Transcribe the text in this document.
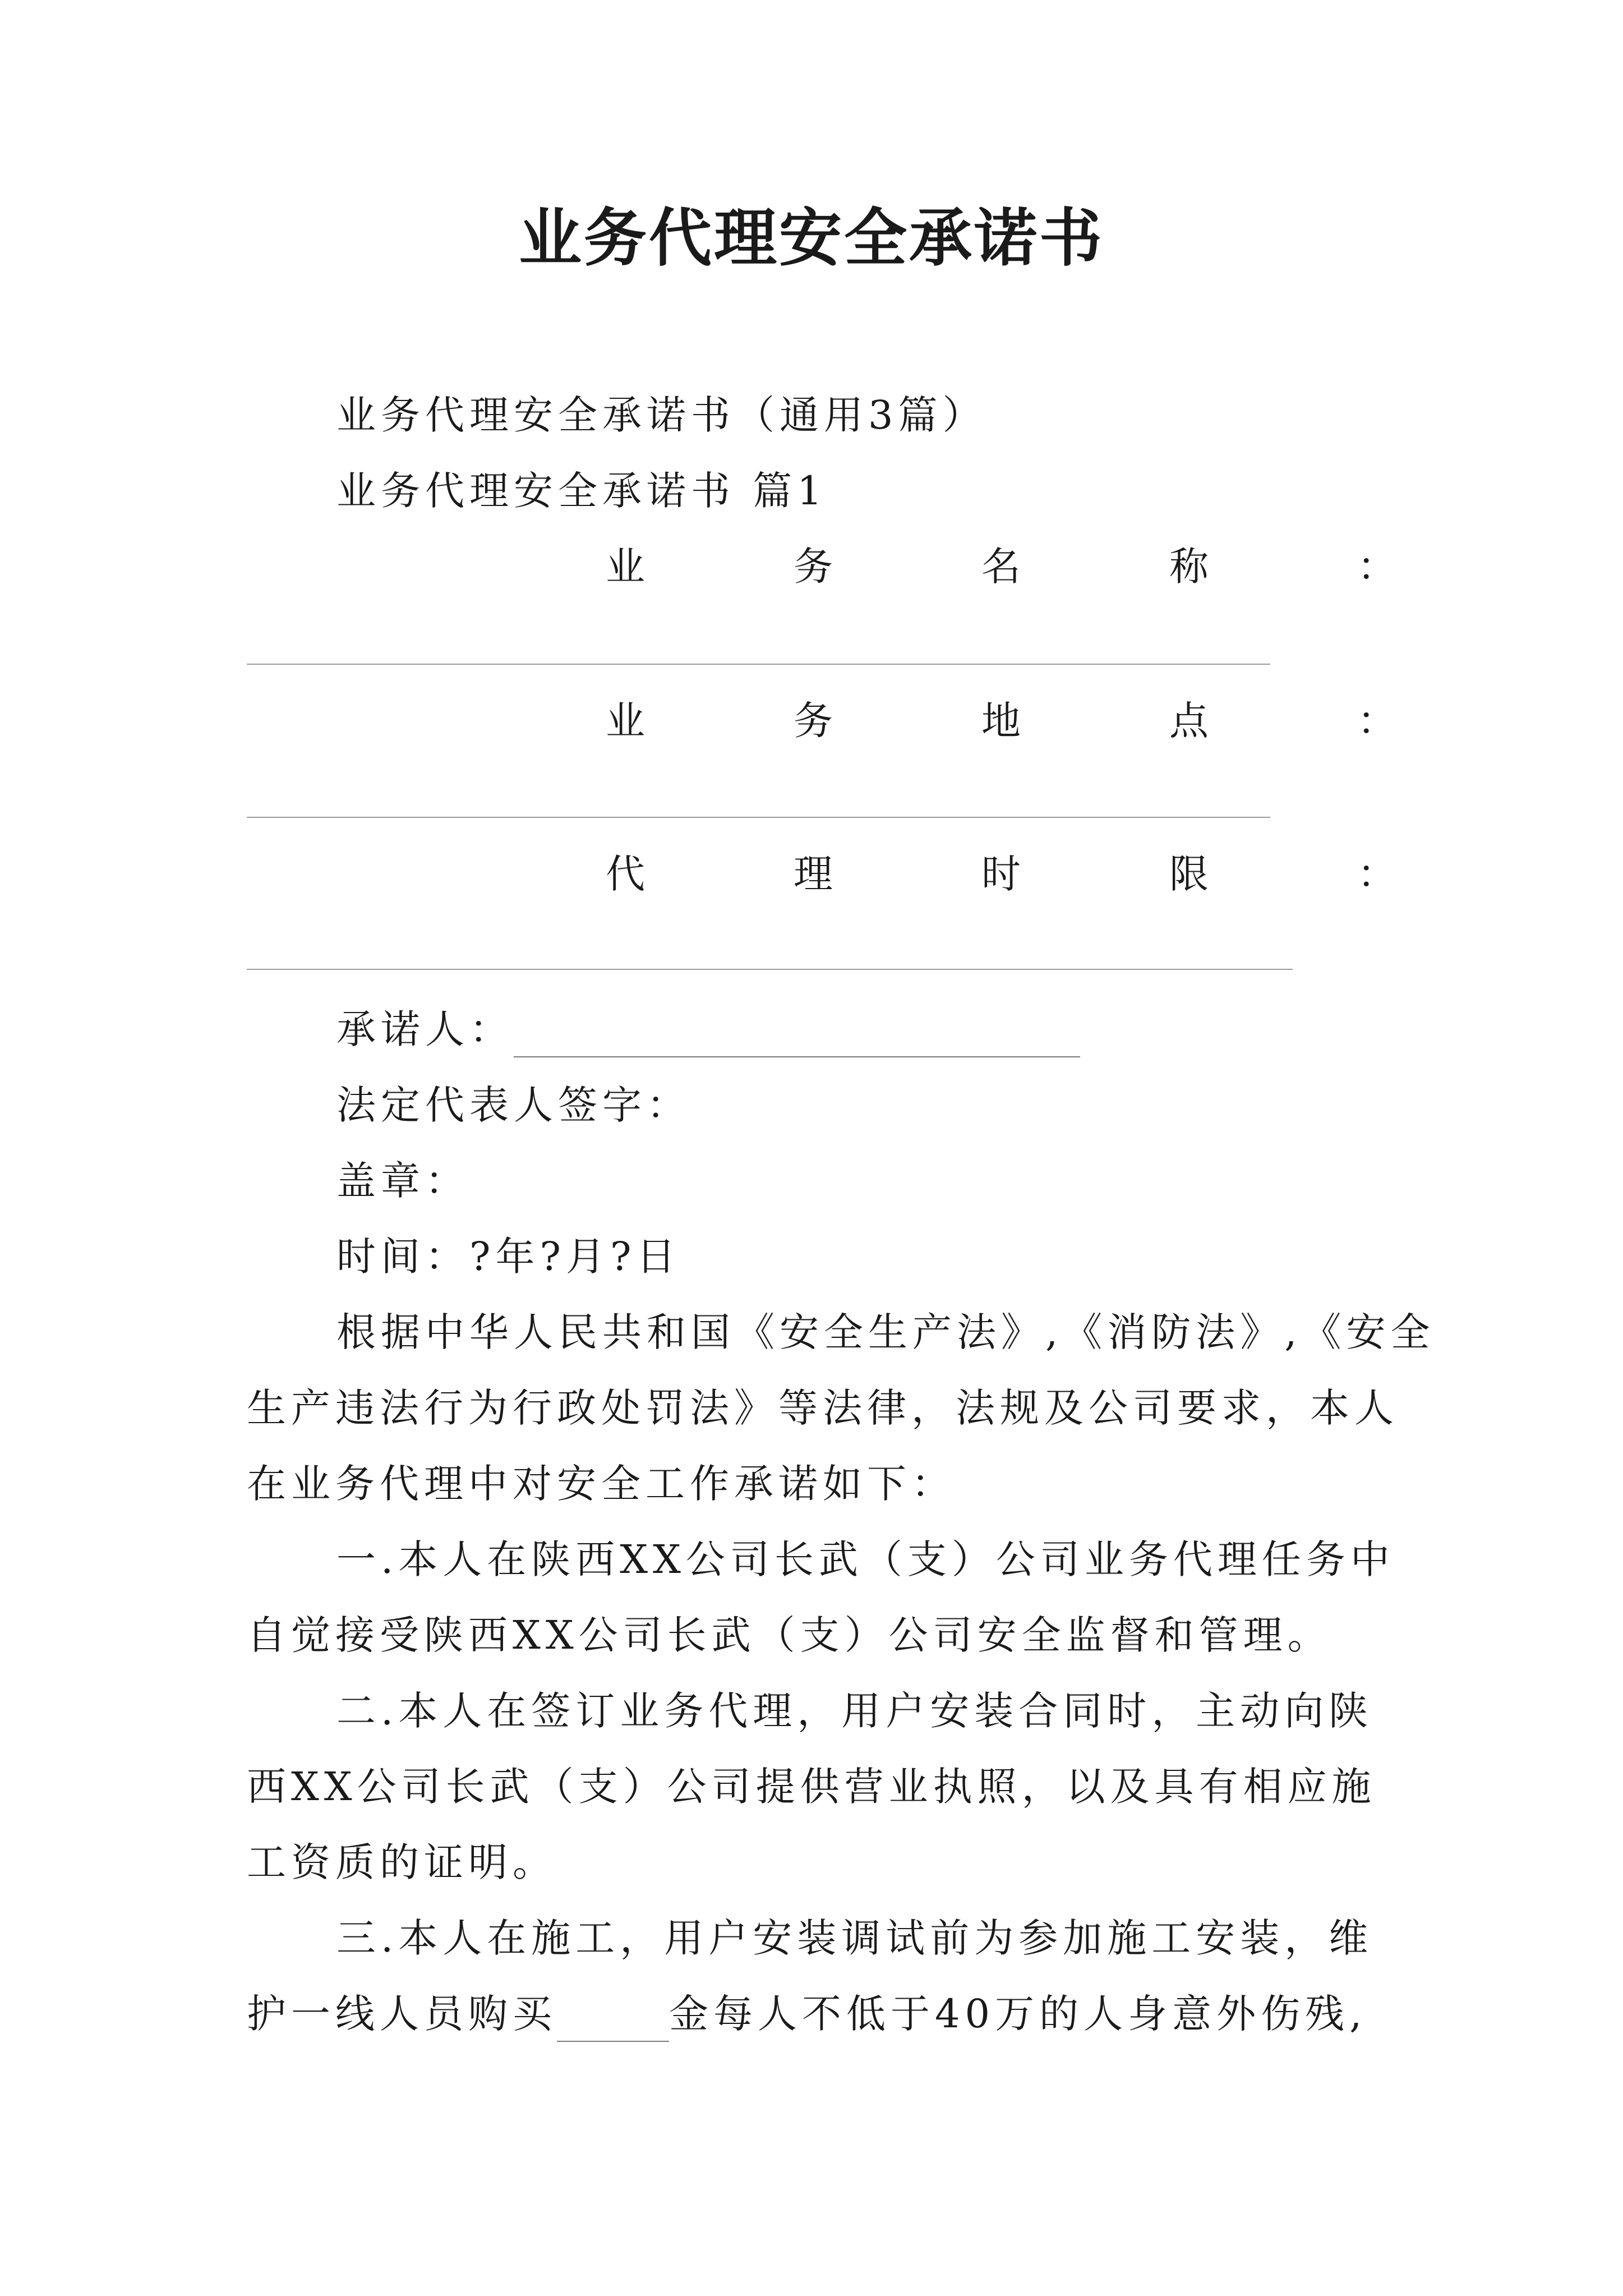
业务代理安全承诺书
业务代理安全承诺书（通用3篇）
业务代理安全承诺书 篇1
业	务	名	称	：
业	务	地	点	：
代	理	时	限	：
承诺人：
法定代表人签字：
盖章：
时间：?年?月?日
根据中华人民共和国《安全生产法》,《消防法》,《安全
生产违法行为行政处罚法》等法律，法规及公司要求，本人
在业务代理中对安全工作承诺如下：
一.本人在陕西XX公司长武（支）公司业务代理任务中
自觉接受陕西XX公司长武（支）公司安全监督和管理。
二.本人在签订业务代理，用户安装合同时，主动向陕
西XX公司长武（支）公司提供营业执照，以及具有相应施
工资质的证明。
三.本人在施工，用户安装调试前为参加施工安装，维
护一线人员购买	金每人不低于40万的人身意外伤残,
